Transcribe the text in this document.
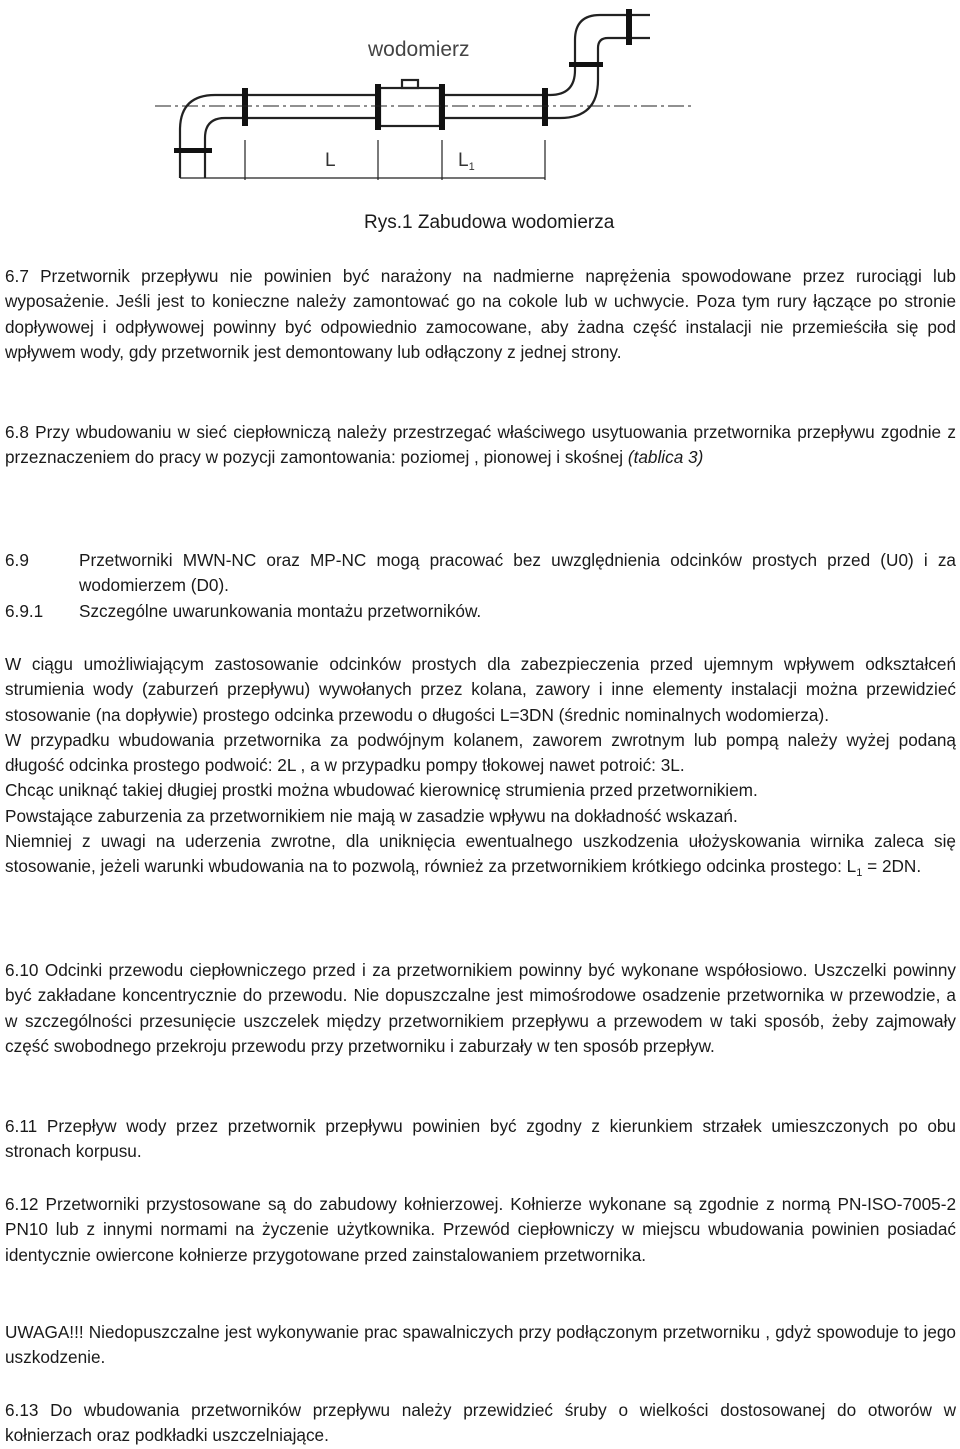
wodomierz
L	$L_1$
Rys.1 Zabudowa wodomierza

6.7 Przetwornik przepływu nie powinien być narażony na nadmierne naprężenia spowodowane przez rurociągi lub wyposażenie. Jeśli jest to konieczne należy zamontować go na cokole lub w uchwycie. Poza tym rury łączące po stronie dopływowej i odpływowej powinny być odpowiednio zamocowane, aby żadna część instalacji nie przemieściła się pod wpływem wody, gdy przetwornik jest demontowany lub odłączony z jednej strony.

6.8 Przy wbudowaniu w sieć ciepłowniczą należy przestrzegać właściwego usytuowania przetwornika przepływu zgodnie z przeznaczeniem do pracy w pozycji zamontowania: poziomej , pionowej i skośnej (tablica 3)

6.9	Przetworniki MWN-NC oraz MP-NC mogą pracować bez uwzględnienia odcinków prostych przed (U0) i za wodomierzem (D0).
6.9.1	Szczególne uwarunkowania montażu przetworników.

W ciągu umożliwiającym zastosowanie odcinków prostych dla zabezpieczenia przed ujemnym wpływem odkształceń strumienia wody (zaburzeń przepływu) wywołanych przez kolana, zawory i inne elementy instalacji można przewidzieć stosowanie (na dopływie) prostego odcinka przewodu o długości L=3DN (średnic nominalnych wodomierza).

W przypadku wbudowania przetwornika za podwójnym kolanem, zaworem zwrotnym lub pompą należy wyżej podaną długość odcinka prostego podwoić: 2L , a w przypadku pompy tłokowej nawet potroić: 3L.

Chcąc uniknąć takiej długiej prostki można wbudować kierownicę strumienia przed przetwornikiem.

Powstające zaburzenia za przetwornikiem nie mają w zasadzie wpływu na dokładność wskazań.

Niemniej z uwagi na uderzenia zwrotne, dla uniknięcia ewentualnego uszkodzenia ułożyskowania wirnika zaleca się stosowanie, jeżeli warunki wbudowania na to pozwolą, również za przetwornikiem krótkiego odcinka prostego: $L_1 = 2DN$.

6.10 Odcinki przewodu ciepłowniczego przed i za przetwornikiem powinny być wykonane współosiowo. Uszczelki powinny być zakładane koncentrycznie do przewodu. Nie dopuszczalne jest mimośrodowe osadzenie przetwornika w przewodzie, a w szczególności przesunięcie uszczelek między przetwornikiem przepływu a przewodem w taki sposób, żeby zajmowały część swobodnego przekroju przewodu przy przetworniku i zaburzały w ten sposób przepływ.

6.11 Przepływ wody przez przetwornik przepływu powinien być zgodny z kierunkiem strzałek umieszczonych po obu stronach korpusu.

6.12 Przetworniki przystosowane są do zabudowy kołnierzowej. Kołnierze wykonane są zgodnie z normą PN-ISO-7005-2 PN10 lub z innymi normami na życzenie użytkownika. Przewód ciepłowniczy w miejscu wbudowania powinien posiadać identycznie owiercone kołnierze przygotowane przed zainstalowaniem przetwornika.

UWAGA!!! Niedopuszczalne jest wykonywanie prac spawalniczych przy podłączonym przetworniku , gdyż spowoduje to jego uszkodzenie.

6.13 Do wbudowania przetworników przepływu należy przewidzieć śruby o wielkości dostosowanej do otworów w kołnierzach oraz podkładki uszczelniające.
